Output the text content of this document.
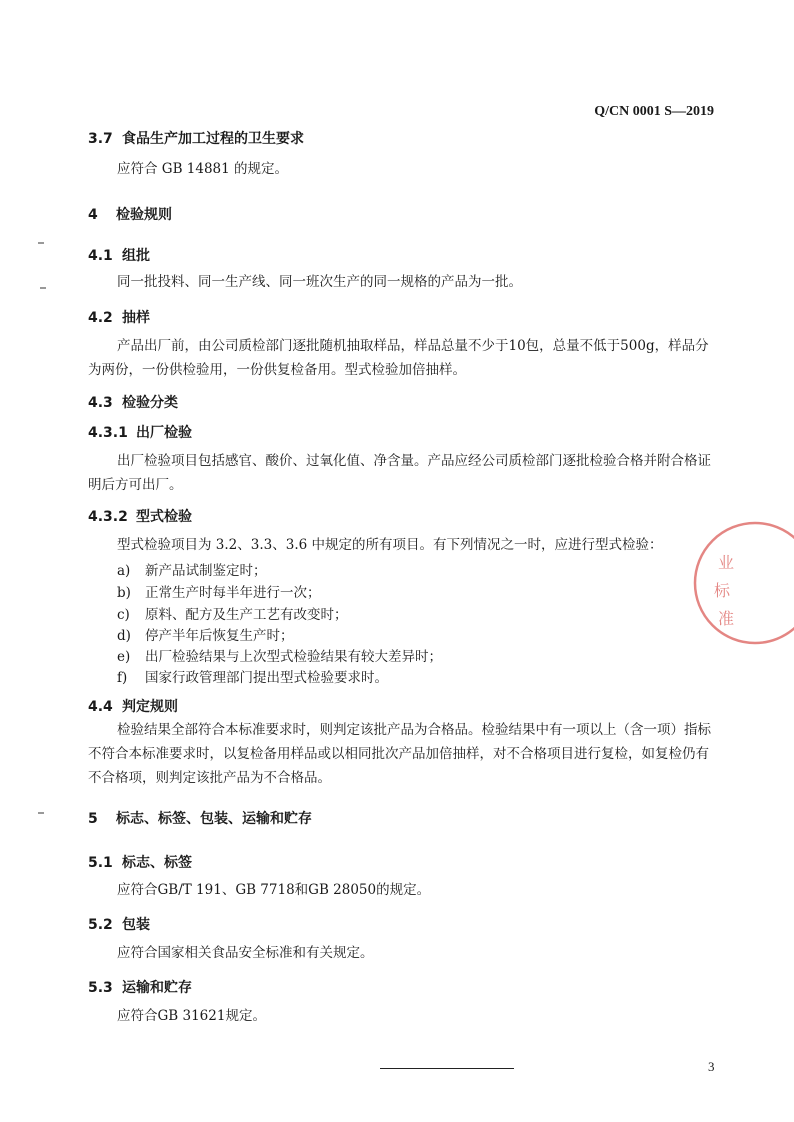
Q/CN 0001 S—2019
3.7 食品生产加工过程的卫生要求
应符合 GB 14881 的规定。
4 检验规则
4.1 组批
同一批投料、同一生产线、同一班次生产的同一规格的产品为一批。
4.2 抽样
产品出厂前，由公司质检部门逐批随机抽取样品，样品总量不少于10包，总量不低于500g，样品分为两份，一份供检验用，一份供复检备用。型式检验加倍抽样。
4.3 检验分类
4.3.1 出厂检验
出厂检验项目包括感官、酸价、过氧化值、净含量。产品应经公司质检部门逐批检验合格并附合格证明后方可出厂。
4.3.2 型式检验
型式检验项目为 3.2、3.3、3.6 中规定的所有项目。有下列情况之一时，应进行型式检验：
a) 新产品试制鉴定时；
b) 正常生产时每半年进行一次；
c) 原料、配方及生产工艺有改变时；
d) 停产半年后恢复生产时；
e) 出厂检验结果与上次型式检验结果有较大差异时；
f) 国家行政管理部门提出型式检验要求时。
4.4 判定规则
检验结果全部符合本标准要求时，则判定该批产品为合格品。检验结果中有一项以上（含一项）指标不符合本标准要求时，以复检备用样品或以相同批次产品加倍抽样，对不合格项目进行复检，如复检仍有不合格项，则判定该批产品为不合格品。
5 标志、标签、包装、运输和贮存
5.1 标志、标签
应符合GB/T 191、GB 7718和GB 28050的规定。
5.2 包装
应符合国家相关食品安全标准和有关规定。
5.3 运输和贮存
应符合GB 31621规定。
业
标
准
3
